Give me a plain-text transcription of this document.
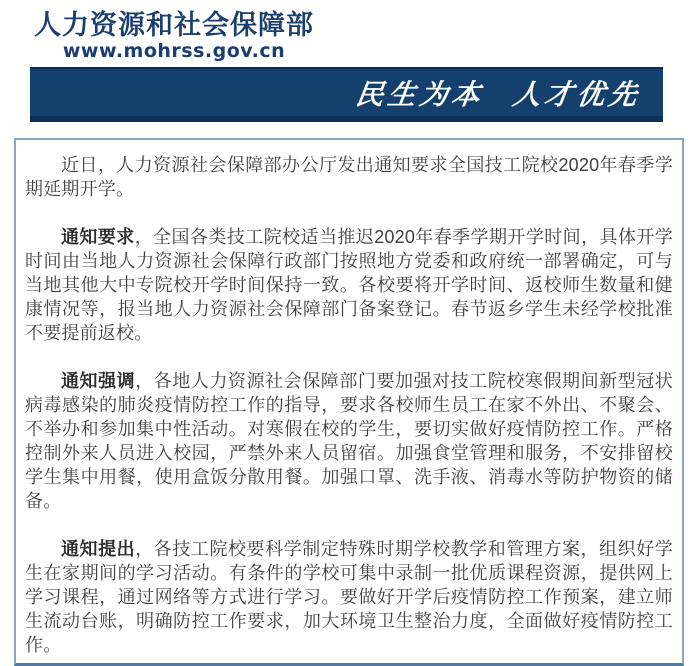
人力资源和社会保障部
www.mohrss.gov.cn
民生为本 人才优先

近日，人力资源社会保障部办公厅发出通知要求全国技工院校2020年春季学期延期开学。

通知要求，全国各类技工院校适当推迟2020年春季学期开学时间，具体开学时间由当地人力资源社会保障行政部门按照地方党委和政府统一部署确定，可与当地其他大中专院校开学时间保持一致。各校要将开学时间、返校师生数量和健康情况等，报当地人力资源社会保障部门备案登记。春节返乡学生未经学校批准不要提前返校。

通知强调，各地人力资源社会保障部门要加强对技工院校寒假期间新型冠状病毒感染的肺炎疫情防控工作的指导，要求各校师生员工在家不外出、不聚会、不举办和参加集中性活动。对寒假在校的学生，要切实做好疫情防控工作。严格控制外来人员进入校园，严禁外来人员留宿。加强食堂管理和服务，不安排留校学生集中用餐，使用盒饭分散用餐。加强口罩、洗手液、消毒水等防护物资的储备。

通知提出，各技工院校要科学制定特殊时期学校教学和管理方案，组织好学生在家期间的学习活动。有条件的学校可集中录制一批优质课程资源，提供网上学习课程，通过网络等方式进行学习。要做好开学后疫情防控工作预案，建立师生流动台账，明确防控工作要求，加大环境卫生整治力度，全面做好疫情防控工作。
